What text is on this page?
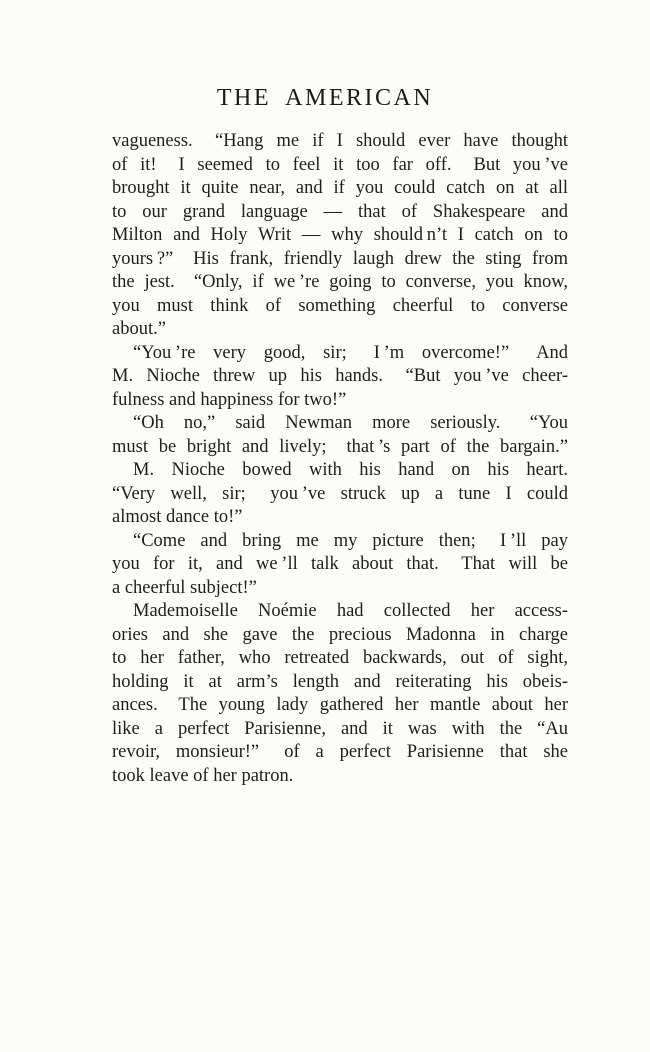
THE AMERICAN
vagueness.  “Hang me if I should ever have thought
of it!  I seemed to feel it too far off.  But you ’ve
brought it quite near, and if you could catch on at all
to our grand language — that of Shakespeare and
Milton and Holy Writ — why should n’t I catch on to
yours ?”  His frank, friendly laugh drew the sting from
the jest.  “Only, if we ’re going to converse, you know,
you must think of something cheerful to converse
about.”
“You ’re very good, sir;  I ’m overcome!”  And
M. Nioche threw up his hands.  “But you ’ve cheer-
fulness and happiness for two!”
“Oh no,” said Newman more seriously.  “You
must be bright and lively;  that ’s part of the bargain.”
M. Nioche bowed with his hand on his heart.
“Very well, sir;  you ’ve struck up a tune I could
almost dance to!”
“Come and bring me my picture then;  I ’ll pay
you for it, and we ’ll talk about that.  That will be
a cheerful subject!”
Mademoiselle Noémie had collected her access-
ories and she gave the precious Madonna in charge
to her father, who retreated backwards, out of sight,
holding it at arm’s length and reiterating his obeis-
ances.  The young lady gathered her mantle about her
like a perfect Parisienne, and it was with the “Au
revoir, monsieur!”  of a perfect Parisienne that she
took leave of her patron.
